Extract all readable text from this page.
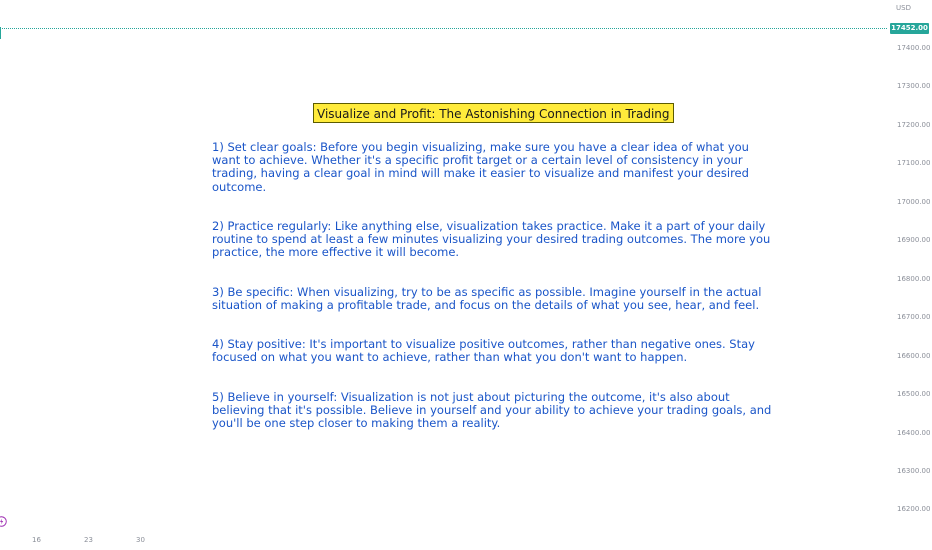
USD
17452.00
17400.00
17300.00
17200.00
17100.00
17000.00
16900.00
16800.00
16700.00
16600.00
16500.00
16400.00
16300.00
16200.00
16	23	30
Visualize and Profit: The Astonishing Connection in Trading

1) Set clear goals: Before you begin visualizing, make sure you have a clear idea of what you want to achieve. Whether it's a specific profit target or a certain level of consistency in your trading, having a clear goal in mind will make it easier to visualize and manifest your desired outcome.

2) Practice regularly: Like anything else, visualization takes practice. Make it a part of your daily routine to spend at least a few minutes visualizing your desired trading outcomes. The more you practice, the more effective it will become.

3) Be specific: When visualizing, try to be as specific as possible. Imagine yourself in the actual situation of making a profitable trade, and focus on the details of what you see, hear, and feel.

4) Stay positive: It's important to visualize positive outcomes, rather than negative ones. Stay focused on what you want to achieve, rather than what you don't want to happen.

5) Believe in yourself: Visualization is not just about picturing the outcome, it's also about believing that it's possible. Believe in yourself and your ability to achieve your trading goals, and you'll be one step closer to making them a reality.
